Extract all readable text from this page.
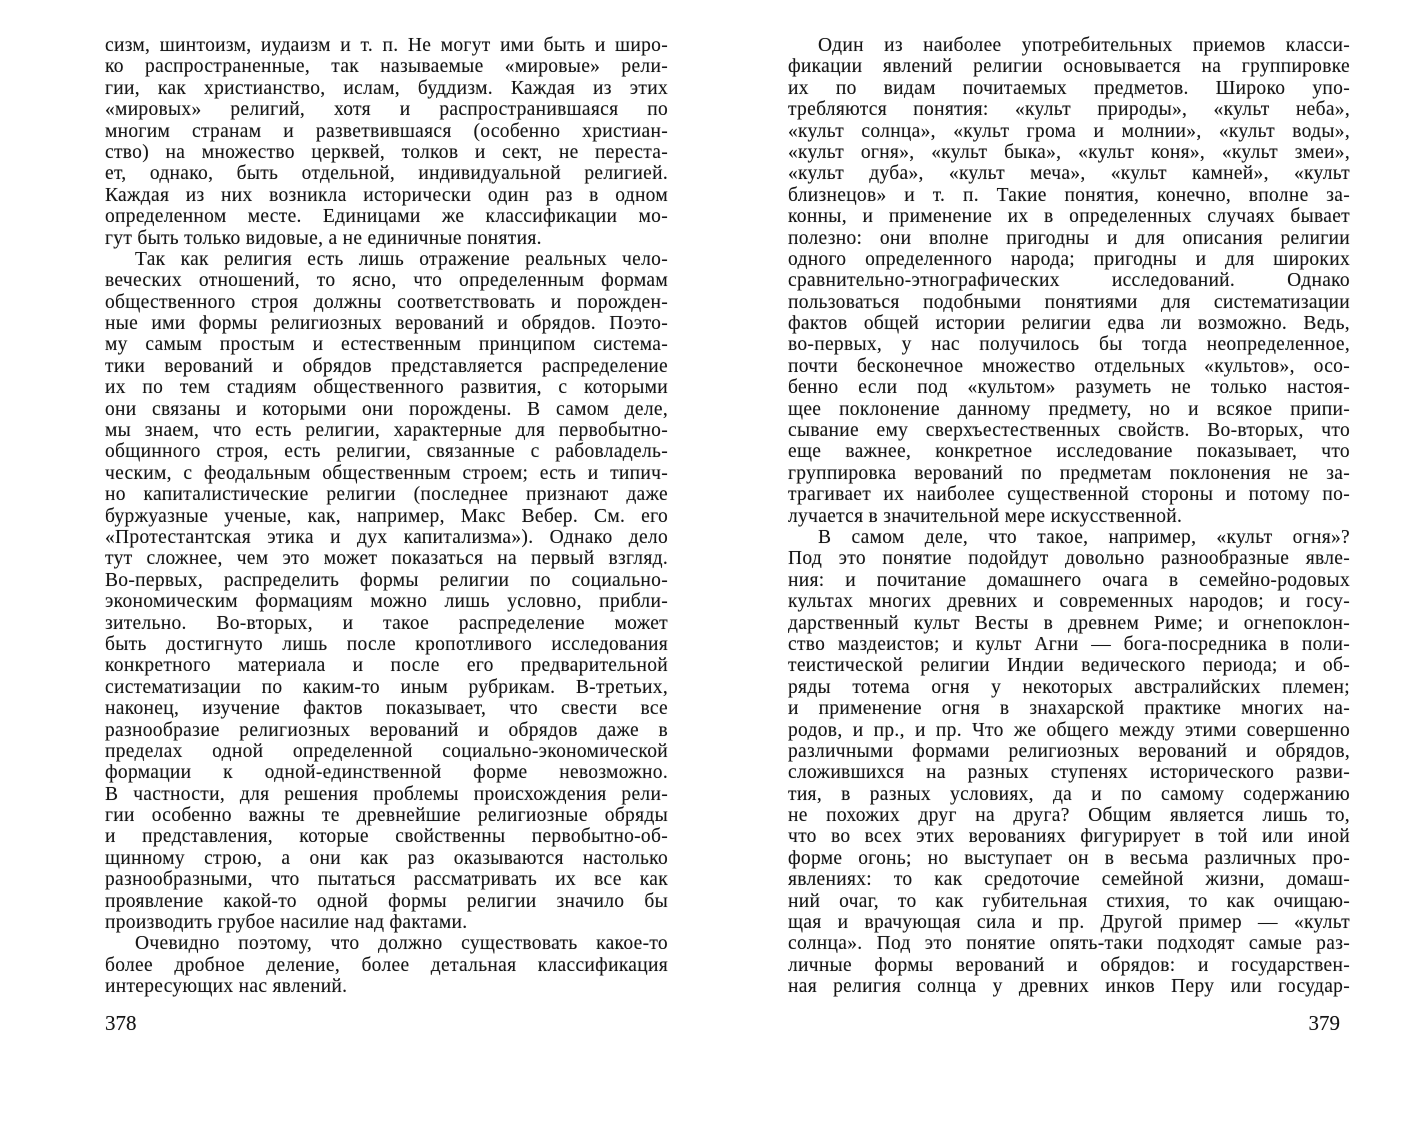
сизм, шинтоизм, иудаизм и т. п. Не могут ими быть и широ-
ко распространенные, так называемые «мировые» рели-
гии, как христианство, ислам, буддизм. Каждая из этих
«мировых» религий, хотя и распространившаяся по
многим странам и разветвившаяся (особенно христиан-
ство) на множество церквей, толков и сект, не переста-
ет, однако, быть отдельной, индивидуальной религией.
Каждая из них возникла исторически один раз в одном
определенном месте. Единицами же классификации мо-
гут быть только видовые, а не единичные понятия.
Так как религия есть лишь отражение реальных чело-
веческих отношений, то ясно, что определенным формам
общественного строя должны соответствовать и порожден-
ные ими формы религиозных верований и обрядов. Поэто-
му самым простым и естественным принципом система-
тики верований и обрядов представляется распределение
их по тем стадиям общественного развития, с которыми
они связаны и которыми они порождены. В самом деле,
мы знаем, что есть религии, характерные для первобытно-
общинного строя, есть религии, связанные с рабовладель-
ческим, с феодальным общественным строем; есть и типич-
но капиталистические религии (последнее признают даже
буржуазные ученые, как, например, Макс Вебер. См. его
«Протестантская этика и дух капитализма»). Однако дело
тут сложнее, чем это может показаться на первый взгляд.
Во-первых, распределить формы религии по социально-
экономическим формациям можно лишь условно, прибли-
зительно. Во-вторых, и такое распределение может
быть достигнуто лишь после кропотливого исследования
конкретного материала и после его предварительной
систематизации по каким-то иным рубрикам. В-третьих,
наконец, изучение фактов показывает, что свести все
разнообразие религиозных верований и обрядов даже в
пределах одной определенной социально-экономической
формации к одной-единственной форме невозможно.
В частности, для решения проблемы происхождения рели-
гии особенно важны те древнейшие религиозные обряды
и представления, которые свойственны первобытно-об-
щинному строю, а они как раз оказываются настолько
разнообразными, что пытаться рассматривать их все как
проявление какой-то одной формы религии значило бы
производить грубое насилие над фактами.
Очевидно поэтому, что должно существовать какое-то
более дробное деление, более детальная классификация
интересующих нас явлений.
378
Один из наиболее употребительных приемов класси-
фикации явлений религии основывается на группировке
их по видам почитаемых предметов. Широко упо-
требляются понятия: «культ природы», «культ неба»,
«культ солнца», «культ грома и молнии», «культ воды»,
«культ огня», «культ быка», «культ коня», «культ змеи»,
«культ дуба», «культ меча», «культ камней», «культ
близнецов» и т. п. Такие понятия, конечно, вполне за-
конны, и применение их в определенных случаях бывает
полезно: они вполне пригодны и для описания религии
одного определенного народа; пригодны и для широких
сравнительно-этнографических исследований. Однако
пользоваться подобными понятиями для систематизации
фактов общей истории религии едва ли возможно. Ведь,
во-первых, у нас получилось бы тогда неопределенное,
почти бесконечное множество отдельных «культов», осо-
бенно если под «культом» разуметь не только настоя-
щее поклонение данному предмету, но и всякое припи-
сывание ему сверхъестественных свойств. Во-вторых, что
еще важнее, конкретное исследование показывает, что
группировка верований по предметам поклонения не за-
трагивает их наиболее существенной стороны и потому по-
лучается в значительной мере искусственной.
В самом деле, что такое, например, «культ огня»?
Под это понятие подойдут довольно разнообразные явле-
ния: и почитание домашнего очага в семейно-родовых
культах многих древних и современных народов; и госу-
дарственный культ Весты в древнем Риме; и огнепоклон-
ство маздеистов; и культ Агни — бога-посредника в поли-
теистической религии Индии ведического периода; и об-
ряды тотема огня у некоторых австралийских племен;
и применение огня в знахарской практике многих на-
родов, и пр., и пр. Что же общего между этими совершенно
различными формами религиозных верований и обрядов,
сложившихся на разных ступенях исторического разви-
тия, в разных условиях, да и по самому содержанию
не похожих друг на друга? Общим является лишь то,
что во всех этих верованиях фигурирует в той или иной
форме огонь; но выступает он в весьма различных про-
явлениях: то как средоточие семейной жизни, домаш-
ний очаг, то как губительная стихия, то как очищаю-
щая и врачующая сила и пр. Другой пример — «культ
солнца». Под это понятие опять-таки подходят самые раз-
личные формы верований и обрядов: и государствен-
ная религия солнца у древних инков Перу или государ-
379
